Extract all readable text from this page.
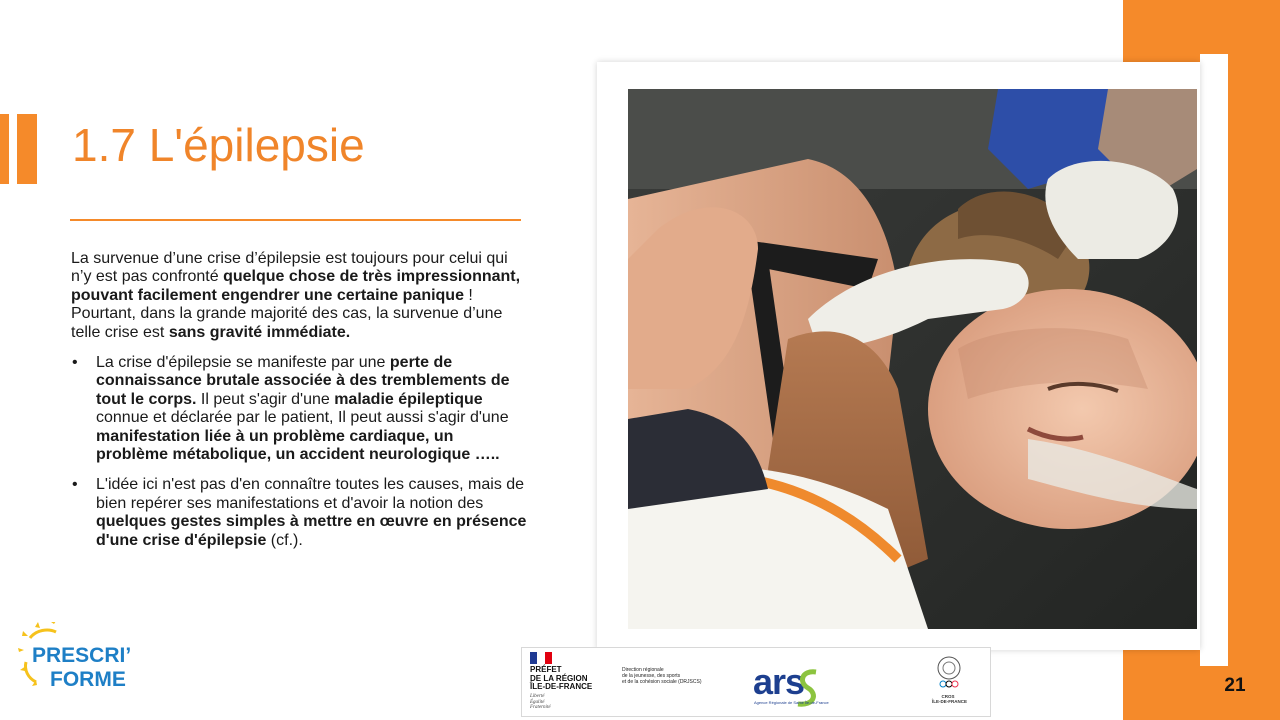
1.7 L'épilepsie

La survenue d’une crise d’épilepsie est toujours pour celui qui n’y est pas confronté quelque chose de très impressionnant, pouvant facilement engendrer une certaine panique ! Pourtant, dans la grande majorité des cas, la survenue d’une telle crise est sans gravité immédiate.

• La crise d'épilepsie se manifeste par une perte de connaissance brutale associée à des tremblements de tout le corps. Il peut s'agir d'une maladie épileptique connue et déclarée par le patient, Il peut aussi s'agir d'une manifestation liée à un problème cardiaque, un problème métabolique, un accident neurologique …..

• L'idée ici n'est pas d'en connaître toutes les causes, mais de bien repérer ses manifestations et d'avoir la notion des quelques gestes simples à mettre en œuvre en présence d'une crise d'épilepsie (cf.).

PRESCRI’
FORME	PRÉFET
DE LA RÉGION
ÎLE-DE-FRANCE
Liberté
Égalité
Fraternité
Direction régionale
de la jeunesse, des sports
et de la cohésion sociale (DRJSCS) ars
Agence Régionale de Santé Île-de-France
CROS
ÎLE-DE-FRANCE
21
